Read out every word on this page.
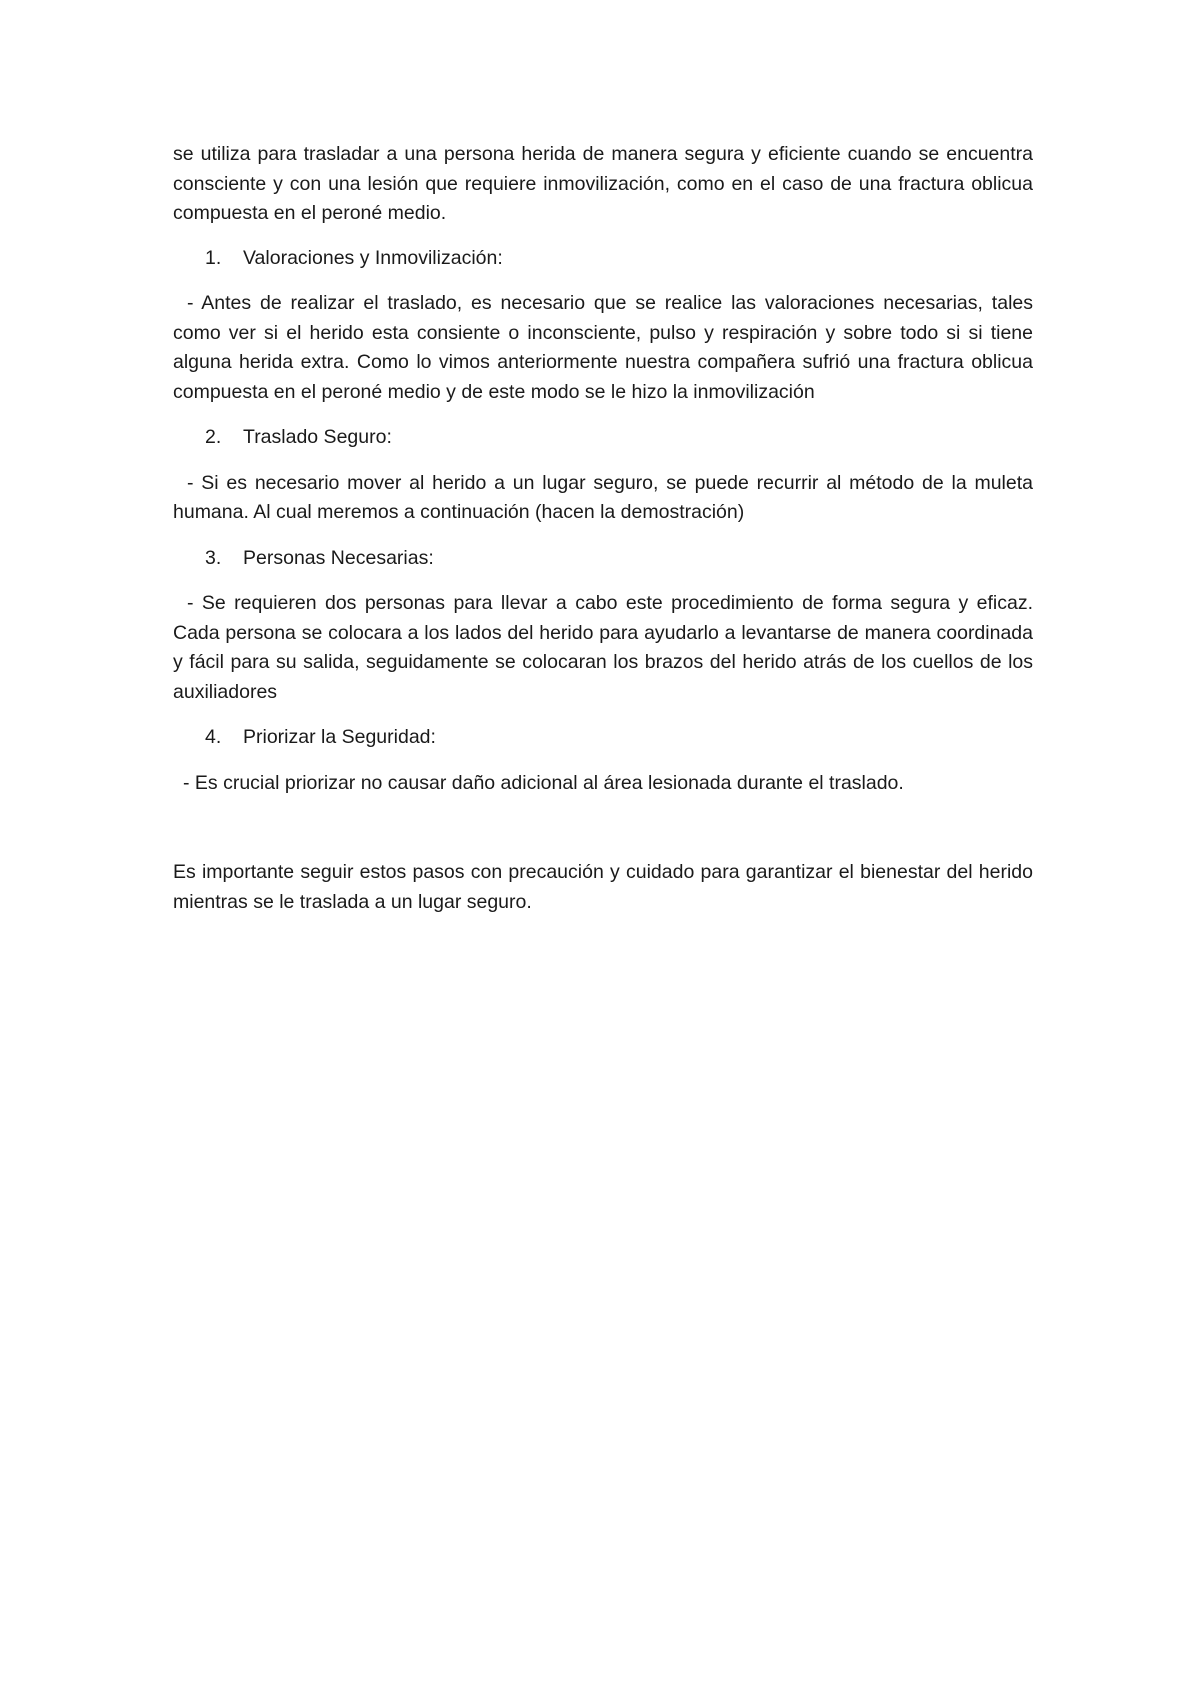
se utiliza para trasladar a una persona herida de manera segura y eficiente cuando se encuentra consciente y con una lesión que requiere inmovilización, como en el caso de una fractura oblicua compuesta en el peroné medio.

1.	Valoraciones y Inmovilización:

- Antes de realizar el traslado, es necesario que se realice las valoraciones necesarias, tales como ver si el herido esta consiente o inconsciente, pulso y respiración y sobre todo si si tiene alguna herida extra. Como lo vimos anteriormente nuestra compañera sufrió una fractura oblicua compuesta en el peroné medio y de este modo se le hizo la inmovilización

2.	Traslado Seguro:

- Si es necesario mover al herido a un lugar seguro, se puede recurrir al método de la muleta humana. Al cual meremos a continuación (hacen la demostración)

3.	Personas Necesarias:

- Se requieren dos personas para llevar a cabo este procedimiento de forma segura y eficaz. Cada persona se colocara a los lados del herido para ayudarlo a levantarse de manera coordinada y fácil para su salida, seguidamente se colocaran los brazos del herido atrás de los cuellos de los auxiliadores

4.	Priorizar la Seguridad:

- Es crucial priorizar no causar daño adicional al área lesionada durante el traslado.

Es importante seguir estos pasos con precaución y cuidado para garantizar el bienestar del herido mientras se le traslada a un lugar seguro.
